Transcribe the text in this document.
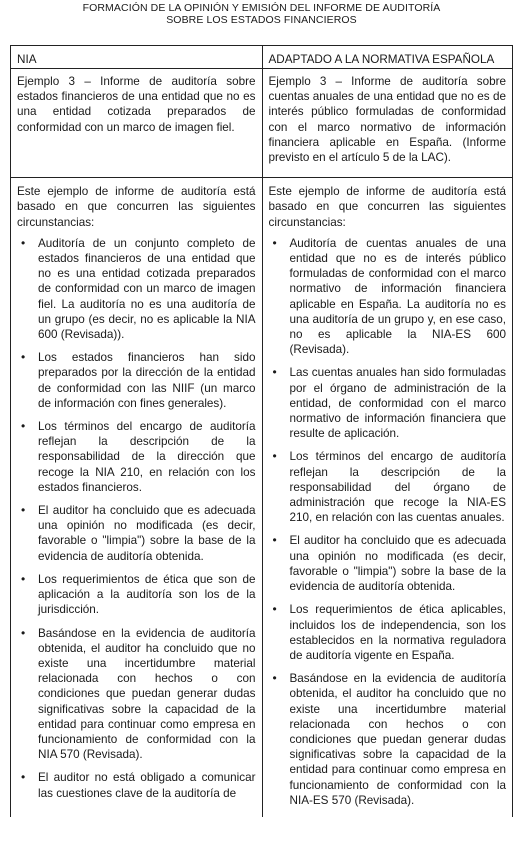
FORMACIÓN DE LA OPINIÓN Y EMISIÓN DEL INFORME DE AUDITORÍA
SOBRE LOS ESTADOS FINANCIEROS
NIA	ADAPTADO A LA NORMATIVA ESPAÑOLA
Ejemplo 3 – Informe de auditoría sobre estados financieros de una entidad que no es una entidad cotizada preparados de conformidad con un marco de imagen fiel.
Ejemplo 3 – Informe de auditoría sobre cuentas anuales de una entidad que no es de interés público formuladas de conformidad con el marco normativo de información financiera aplicable en España. (Informe previsto en el artículo 5 de la LAC).
Este ejemplo de informe de auditoría está basado en que concurren las siguientes circunstancias:
• Auditoría de un conjunto completo de estados financieros de una entidad que no es una entidad cotizada preparados de conformidad con un marco de imagen fiel. La auditoría no es una auditoría de un grupo (es decir, no es aplicable la NIA 600 (Revisada)).
• Los estados financieros han sido preparados por la dirección de la entidad de conformidad con las NIIF (un marco de información con fines generales).
• Los términos del encargo de auditoría reflejan la descripción de la responsabilidad de la dirección que recoge la NIA 210, en relación con los estados financieros.
• El auditor ha concluido que es adecuada una opinión no modificada (es decir, favorable o "limpia") sobre la base de la evidencia de auditoría obtenida.
• Los requerimientos de ética que son de aplicación a la auditoría son los de la jurisdicción.
• Basándose en la evidencia de auditoría obtenida, el auditor ha concluido que no existe una incertidumbre material relacionada con hechos o con condiciones que puedan generar dudas significativas sobre la capacidad de la entidad para continuar como empresa en funcionamiento de conformidad con la NIA 570 (Revisada).
• El auditor no está obligado a comunicar las cuestiones clave de la auditoría de
Este ejemplo de informe de auditoría está basado en que concurren las siguientes circunstancias:
• Auditoría de cuentas anuales de una entidad que no es de interés público formuladas de conformidad con el marco normativo de información financiera aplicable en España. La auditoría no es una auditoría de un grupo y, en ese caso, no es aplicable la NIA-ES 600 (Revisada).
• Las cuentas anuales han sido formuladas por el órgano de administración de la entidad, de conformidad con el marco normativo de información financiera que resulte de aplicación.
• Los términos del encargo de auditoría reflejan la descripción de la responsabilidad del órgano de administración que recoge la NIA-ES 210, en relación con las cuentas anuales.
• El auditor ha concluido que es adecuada una opinión no modificada (es decir, favorable o "limpia") sobre la base de la evidencia de auditoría obtenida.
• Los requerimientos de ética aplicables, incluidos los de independencia, son los establecidos en la normativa reguladora de auditoría vigente en España.
• Basándose en la evidencia de auditoría obtenida, el auditor ha concluido que no existe una incertidumbre material relacionada con hechos o con condiciones que puedan generar dudas significativas sobre la capacidad de la entidad para continuar como empresa en funcionamiento de conformidad con la NIA-ES 570 (Revisada).
